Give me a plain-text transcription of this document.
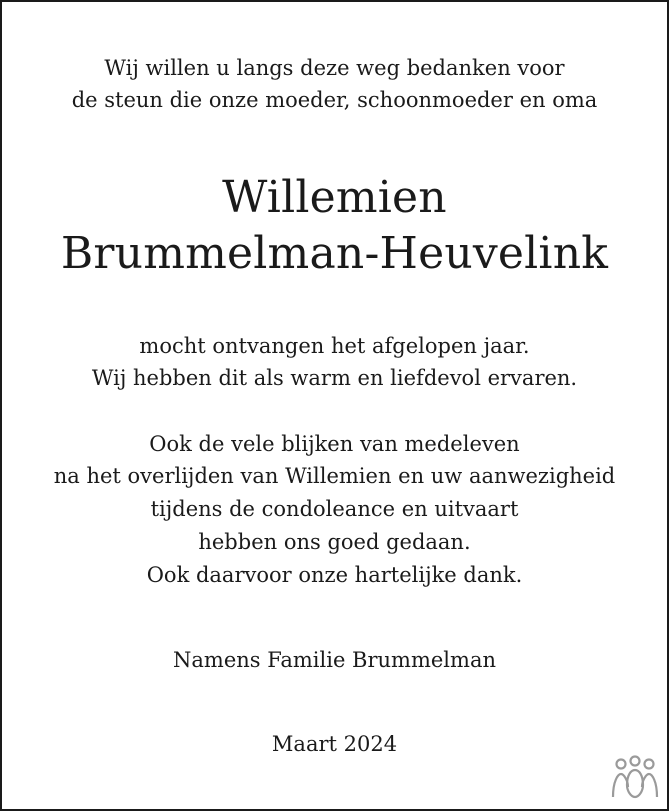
Wij willen u langs deze weg bedanken voor
de steun die onze moeder, schoonmoeder en oma
Willemien
Brummelman-Heuvelink
mocht ontvangen het afgelopen jaar.
Wij hebben dit als warm en liefdevol ervaren.
Ook de vele blijken van medeleven
na het overlijden van Willemien en uw aanwezigheid
tijdens de condoleance en uitvaart
hebben ons goed gedaan.
Ook daarvoor onze hartelijke dank.
Namens Familie Brummelman
Maart 2024
